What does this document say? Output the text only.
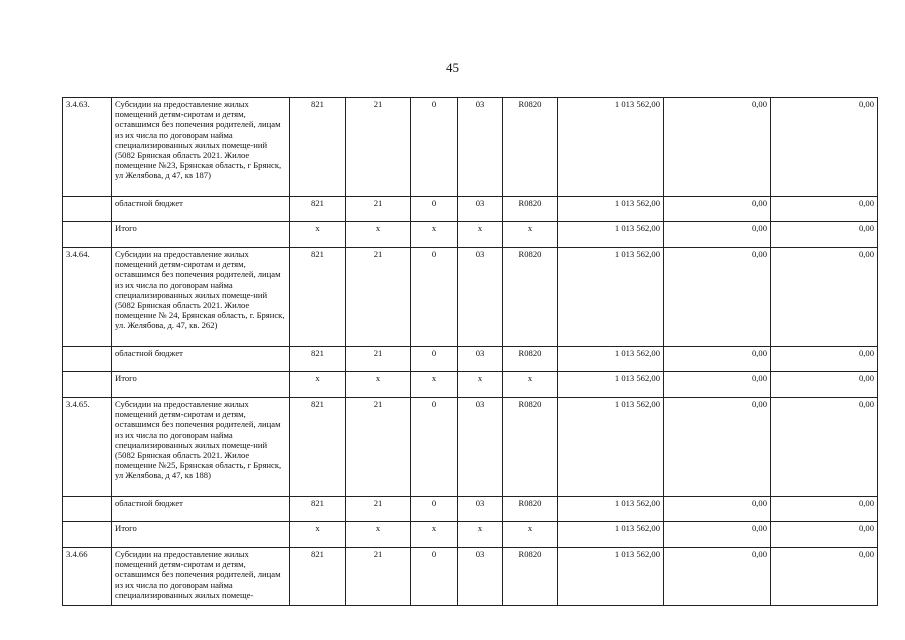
45
3.4.63.	Субсидии на предоставление жилых помещений детям-сиротам и детям, оставшимся без попечения родителей, лицам из их числа по договорам найма специализированных жилых помеще-ний (5082 Брянская область 2021. Жилое помещение №23, Брянская область, г Брянск, ул Желябова, д 47, кв 187)	821	21	0	03	R0820	1 013 562,00	0,00	0,00
	областной бюджет	821	21	0	03	R0820	1 013 562,00	0,00	0,00
	Итого	x	x	x	x	x	1 013 562,00	0,00	0,00
3.4.64.	Субсидии на предоставление жилых помещений детям-сиротам и детям, оставшимся без попечения родителей, лицам из их числа по договорам найма специализированных жилых помеще-ний (5082 Брянская область 2021. Жилое помещение № 24, Брянская область, г. Брянск, ул. Желябова, д. 47, кв. 262)	821	21	0	03	R0820	1 013 562,00	0,00	0,00
	областной бюджет	821	21	0	03	R0820	1 013 562,00	0,00	0,00
	Итого	x	x	x	x	x	1 013 562,00	0,00	0,00
3.4.65.	Субсидии на предоставление жилых помещений детям-сиротам и детям, оставшимся без попечения родителей, лицам из их числа по договорам найма специализированных жилых помеще-ний (5082 Брянская область 2021. Жилое помещение №25, Брянская область, г Брянск, ул Желябова, д 47, кв 188)	821	21	0	03	R0820	1 013 562,00	0,00	0,00
	областной бюджет	821	21	0	03	R0820	1 013 562,00	0,00	0,00
	Итого	x	x	x	x	x	1 013 562,00	0,00	0,00
3.4.66	Субсидии на предоставление жилых помещений детям-сиротам и детям, оставшимся без попечения родителей, лицам из их числа по договорам найма специализированных жилых помеще-	821	21	0	03	R0820	1 013 562,00	0,00	0,00
